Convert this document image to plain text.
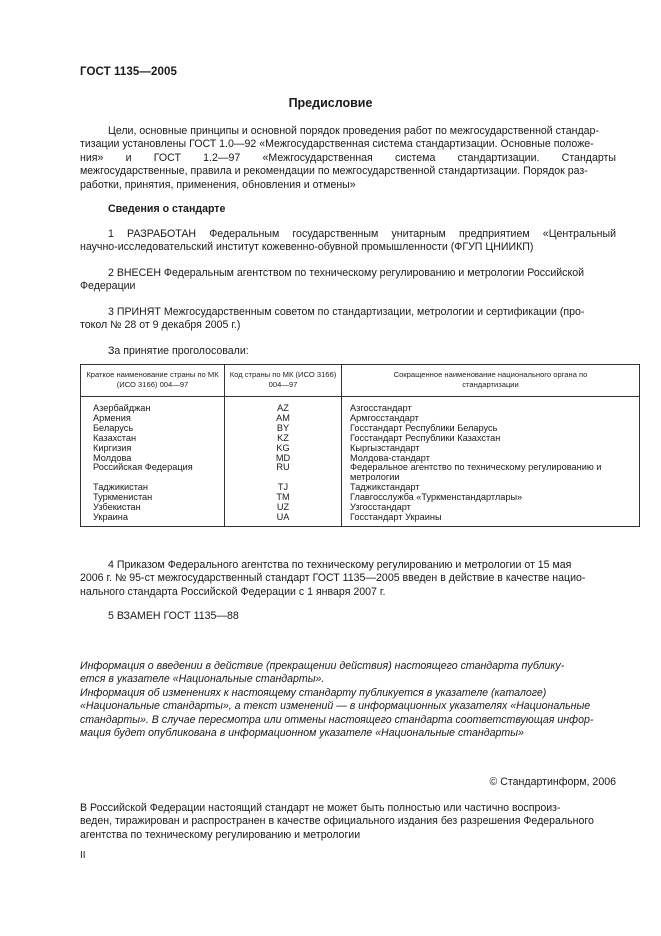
ГОСТ 1135—2005
Предисловие
Цели, основные принципы и основной порядок проведения работ по межгосударственной стандар-
тизации установлены ГОСТ 1.0—92 «Межгосударственная система стандартизации. Основные положе-
ния» и ГОСТ 1.2—97 «Межгосударственная система стандартизации. Стандарты
межгосударственные, правила и рекомендации по межгосударственной стандартизации. Порядок раз-
работки, принятия, применения, обновления и отмены»
Сведения о стандарте
1 РАЗРАБОТАН Федеральным государственным унитарным предприятием «Центральный
научно-исследовательский институт кожевенно-обувной промышленности (ФГУП ЦНИИКП)
2 ВНЕСЕН Федеральным агентством по техническому регулированию и метрологии Российской
Федерации
3 ПРИНЯТ Межгосударственным советом по стандартизации, метрологии и сертификации (про-
токол № 28 от 9 декабря 2005 г.)
За принятие проголосовали:
Краткое наименование страны по МК (ИСО 3166) 004—97	Код страны по МК (ИСО 3166) 004—97	Сокращенное наименование национального органа по стандартизации
Азербайджан	AZ	Азгосстандарт
Армения	AM	Армгосстандарт
Беларусь	BY	Госстандарт Республики Беларусь
Казахстан	KZ	Госстандарт Республики Казахстан
Киргизия	KG	Кыргызстандарт
Молдова	MD	Молдова-стандарт
Российская Федерация	RU	Федеральное агентство по техническому регулированию и метрологии
Таджикистан	TJ	Таджикстандарт
Туркменистан	TM	Главгосслужба «Туркменстандартлары»
Узбекистан	UZ	Узгосстандарт
Украина	UA	Госстандарт Украины
4 Приказом Федерального агентства по техническому регулированию и метрологии от 15 мая
2006 г. № 95-ст межгосударственный стандарт ГОСТ 1135—2005 введен в действие в качестве нацио-
нального стандарта Российской Федерации с 1 января 2007 г.
5 ВЗАМЕН ГОСТ 1135—88
Информация о введении в действие (прекращении действия) настоящего стандарта публику-
ется в указателе «Национальные стандарты».
Информация об изменениях к настоящему стандарту публикуется в указателе (каталоге)
«Национальные стандарты», а текст изменений — в информационных указателях «Национальные
стандарты». В случае пересмотра или отмены настоящего стандарта соответствующая инфор-
мация будет опубликована в информационном указателе «Национальные стандарты»
© Стандартинформ, 2006
В Российской Федерации настоящий стандарт не может быть полностью или частично воспроиз-
веден, тиражирован и распространен в качестве официального издания без разрешения Федерального
агентства по техническому регулированию и метрологии
II
